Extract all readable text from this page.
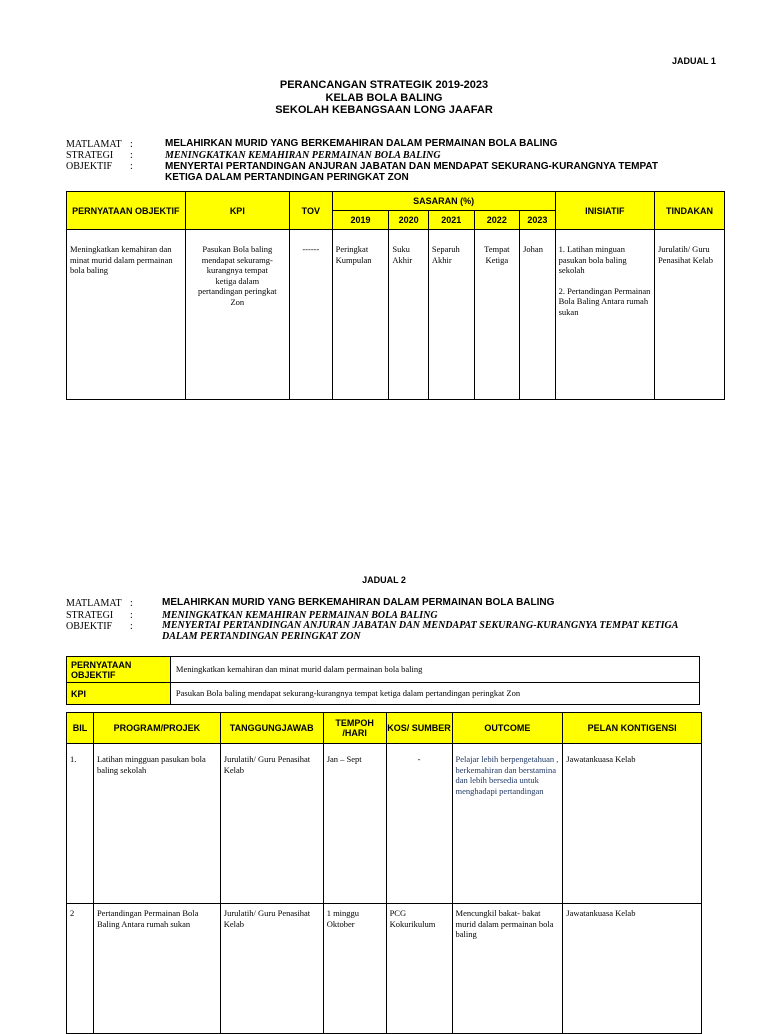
JADUAL 1
PERANCANGAN STRATEGIK 2019-2023
KELAB BOLA BALING
SEKOLAH KEBANGSAAN LONG JAAFAR
MATLAMAT :	MELAHIRKAN MURID YANG BERKEMAHIRAN DALAM PERMAINAN BOLA BALING
STRATEGI :	MENINGKATKAN KEMAHIRAN PERMAINAN BOLA BALING
OBJEKTIF :	MENYERTAI PERTANDINGAN ANJURAN JABATAN DAN MENDAPAT SEKURANG-KURANGNYA TEMPAT KETIGA DALAM PERTANDINGAN PERINGKAT ZON
PERNYATAAN OBJEKTIF	KPI	TOV	SASARAN (%)					INISIATIF	TINDAKAN
			2019	2020	2021	2022	2023		
Meningkatkan kemahiran dan minat murid dalam permainan bola baling	Pasukan Bola baling mendapat sekuramg-kurangnya tempat ketiga dalam pertandingan peringkat Zon	------	Peringkat Kumpulan	Suku Akhir	Separuh Akhir	Tempat Ketiga	Johan	1. Latihan minguan pasukan bola baling sekolah
2. Pertandingan Permainan Bola Baling Antara rumah sukan	Jurulatih/ Guru Penasihat Kelab
JADUAL 2
MATLAMAT :	MELAHIRKAN MURID YANG BERKEMAHIRAN DALAM PERMAINAN BOLA BALING
STRATEGI :	MENINGKATKAN KEMAHIRAN PERMAINAN BOLA BALING
OBJEKTIF :	MENYERTAI PERTANDINGAN ANJURAN JABATAN DAN MENDAPAT SEKURANG-KURANGNYA TEMPAT KETIGA DALAM PERTANDINGAN PERINGKAT ZON
PERNYATAAN OBJEKTIF	Meningkatkan kemahiran dan minat murid dalam permainan bola baling
KPI	Pasukan Bola baling mendapat sekurang-kurangnya tempat ketiga dalam pertandingan peringkat Zon
BIL	PROGRAM/PROJEK	TANGGUNGJAWAB	TEMPOH /HARI	KOS/ SUMBER	OUTCOME	PELAN KONTIGENSI
1.	Latihan mingguan pasukan bola baling sekolah	Jurulatih/ Guru Penasihat Kelab	Jan – Sept	-	Pelajar lebih berpengetahuan , berkemahiran dan berstamina dan lebih bersedia untuk menghadapi pertandingan	Jawatankuasa Kelab
2	Pertandingan Permainan Bola Baling Antara rumah sukan	Jurulatih/ Guru Penasihat Kelab	1 minggu Oktober	PCG Kokurikulum	Mencungkil bakat- bakat murid dalam permainan bola baling	Jawatankuasa Kelab
